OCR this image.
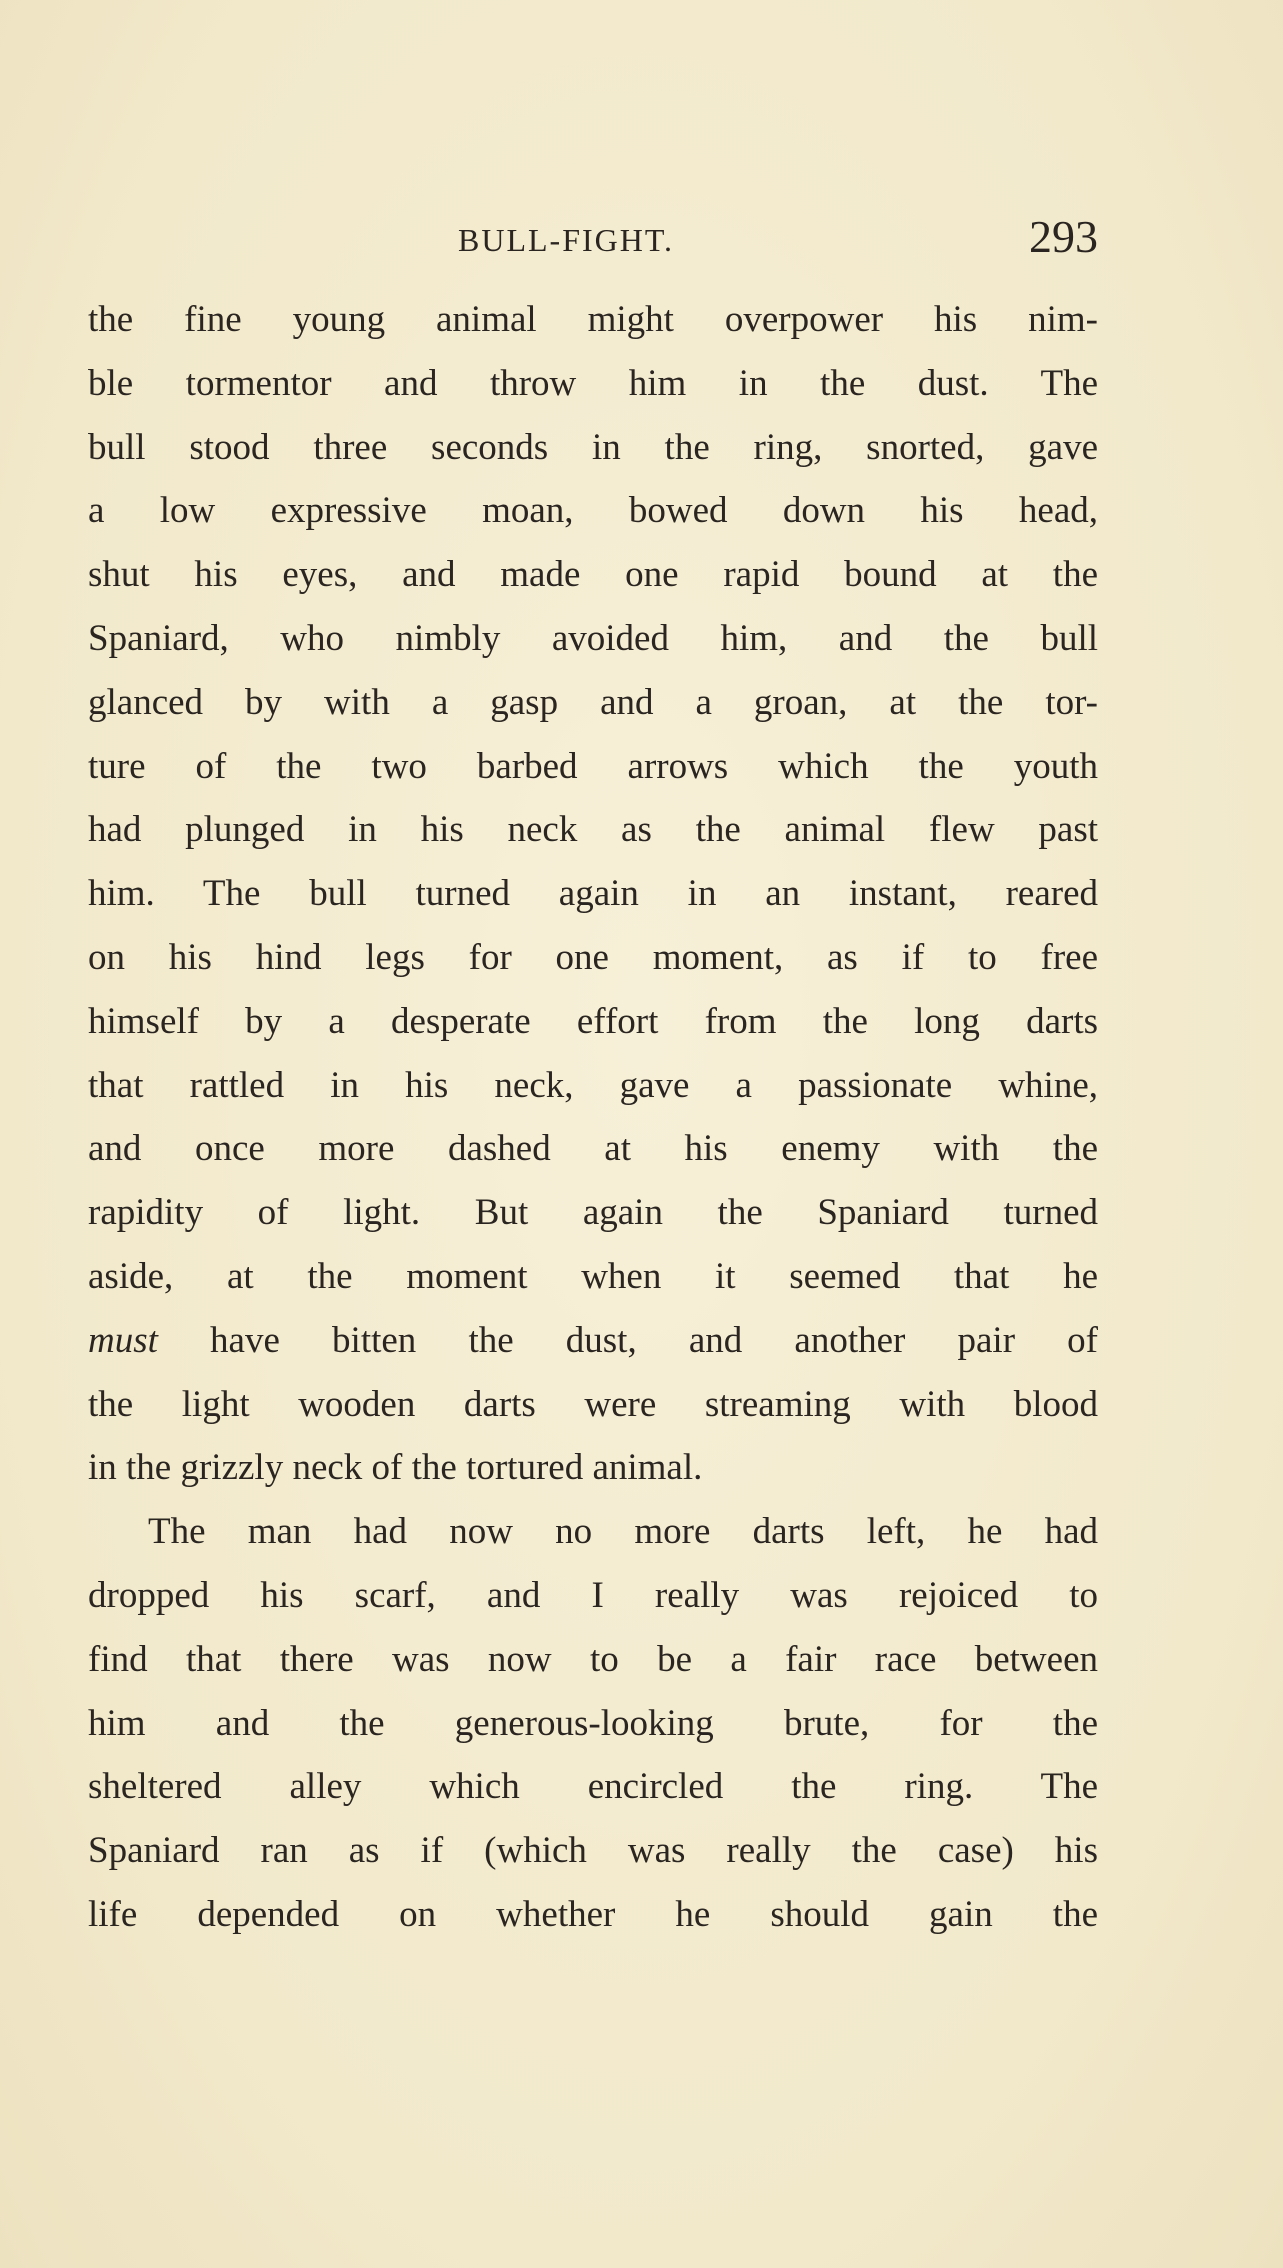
BULL-FIGHT.	293
the fine young animal might overpower his nim-
ble tormentor and throw him in the dust. The
bull stood three seconds in the ring, snorted, gave
a low expressive moan, bowed down his head,
shut his eyes, and made one rapid bound at the
Spaniard, who nimbly avoided him, and the bull
glanced by with a gasp and a groan, at the tor-
ture of the two barbed arrows which the youth
had plunged in his neck as the animal flew past
him. The bull turned again in an instant, reared
on his hind legs for one moment, as if to free
himself by a desperate effort from the long darts
that rattled in his neck, gave a passionate whine,
and once more dashed at his enemy with the
rapidity of light. But again the Spaniard turned
aside, at the moment when it seemed that he
must have bitten the dust, and another pair of
the light wooden darts were streaming with blood
in the grizzly neck of the tortured animal.
The man had now no more darts left, he had
dropped his scarf, and I really was rejoiced to
find that there was now to be a fair race between
him and the generous-looking brute, for the
sheltered alley which encircled the ring. The
Spaniard ran as if (which was really the case) his
life depended on whether he should gain the
